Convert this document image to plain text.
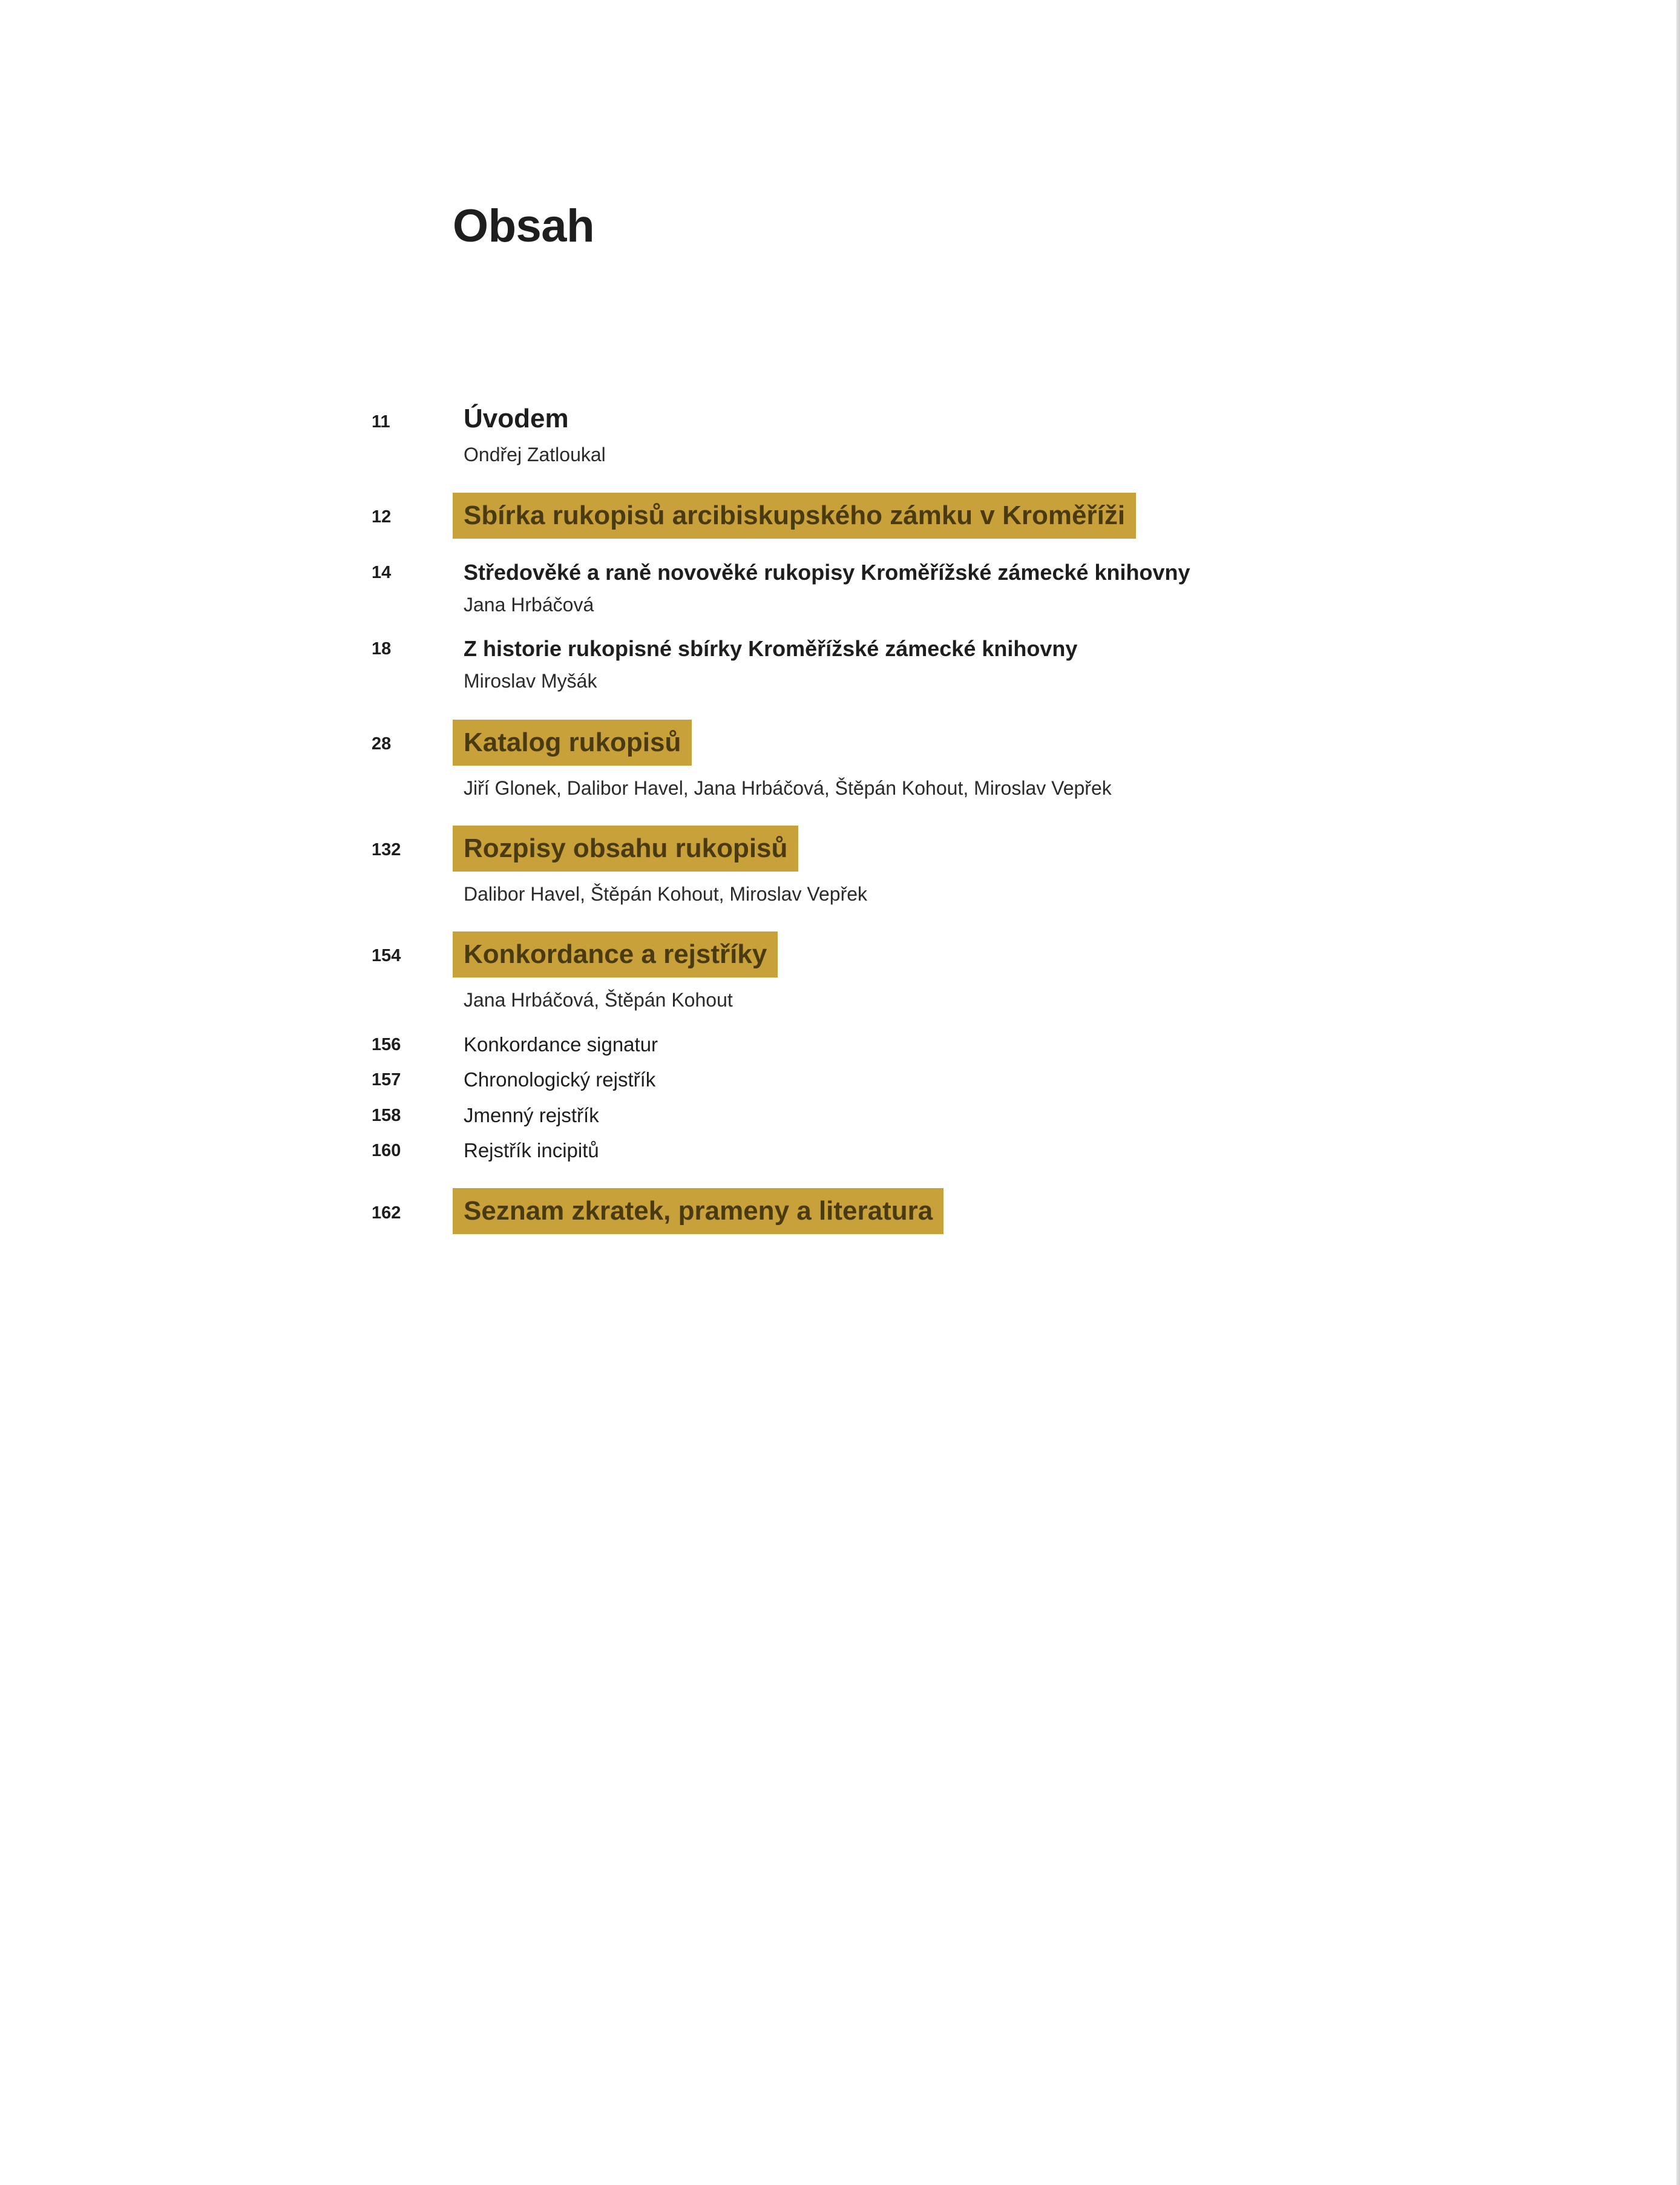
Obsah
11	Úvodem
Ondřej Zatloukal
12	Sbírka rukopisů arcibiskupského zámku v Kroměříži
14	Středověké a raně novověké rukopisy Kroměřížské zámecké knihovny
Jana Hrbáčová
18	Z historie rukopisné sbírky Kroměřížské zámecké knihovny
Miroslav Myšák
28	Katalog rukopisů
Jiří Glonek, Dalibor Havel, Jana Hrbáčová, Štěpán Kohout, Miroslav Vepřek
132	Rozpisy obsahu rukopisů
Dalibor Havel, Štěpán Kohout, Miroslav Vepřek
154	Konkordance a rejstříky
Jana Hrbáčová, Štěpán Kohout
156	Konkordance signatur
157	Chronologický rejstřík
158	Jmenný rejstřík
160	Rejstřík incipitů
162	Seznam zkratek, prameny a literatura
